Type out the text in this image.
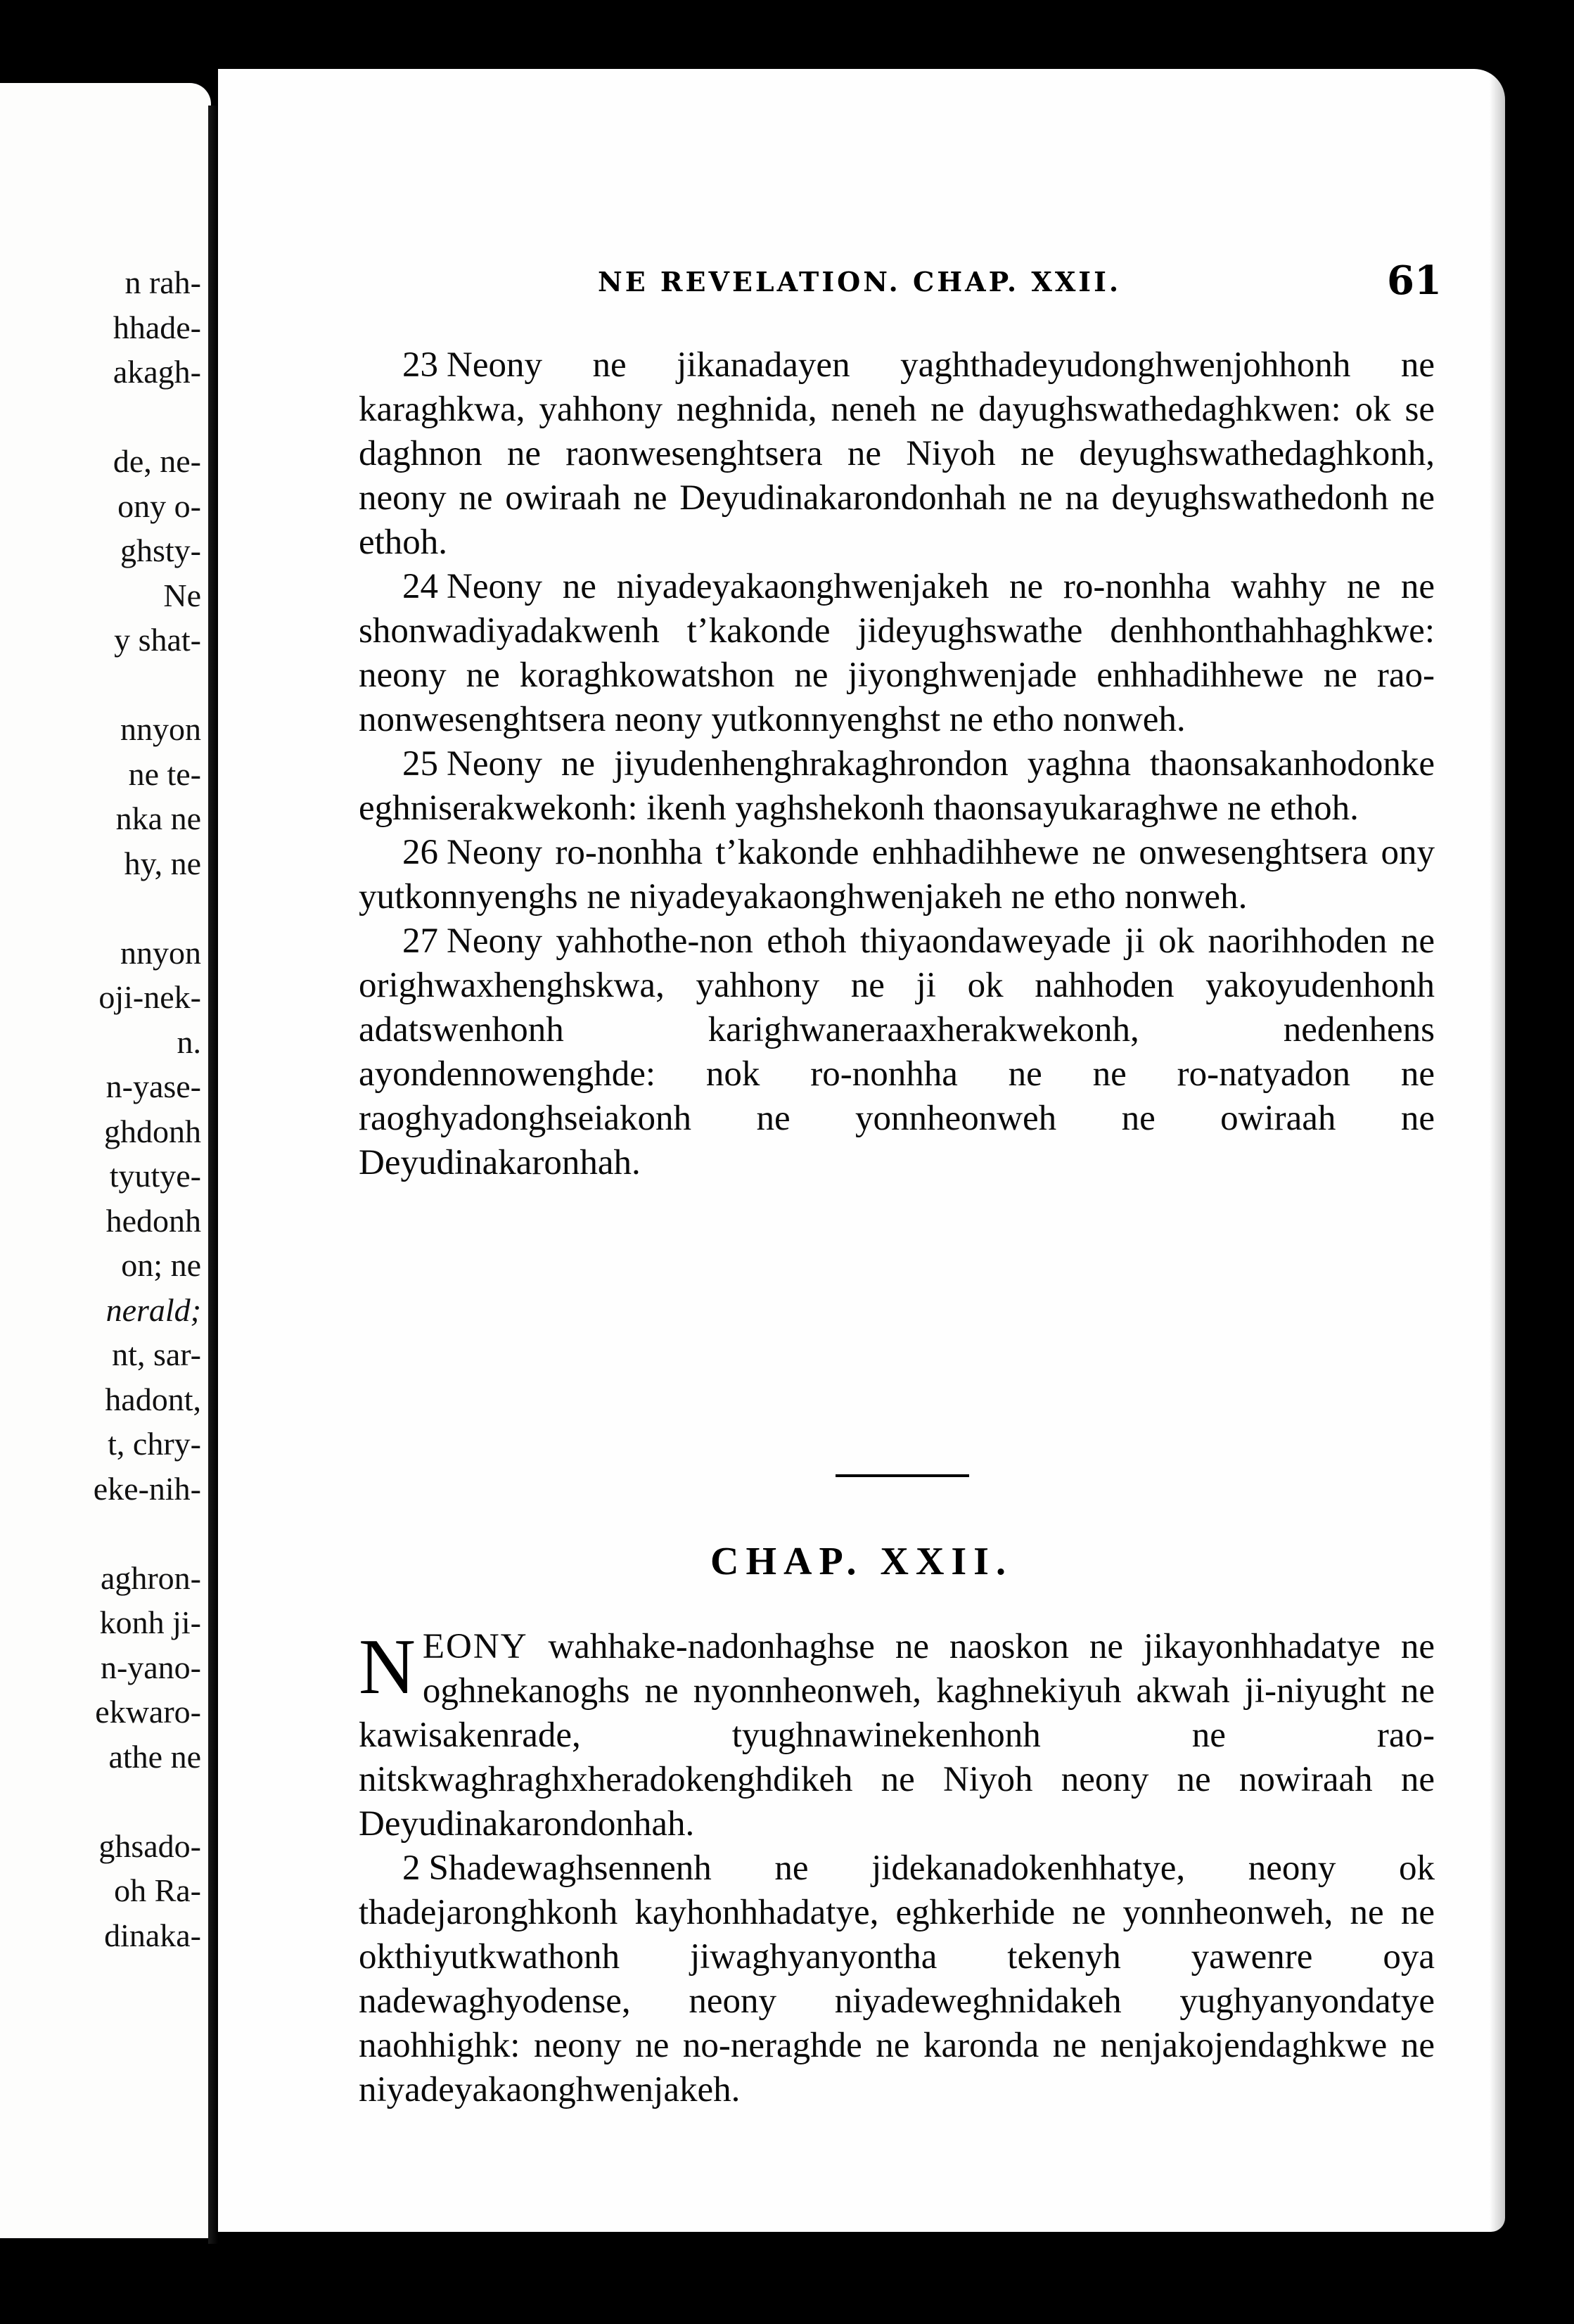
n rah-

hhade-

akagh-

de, ne-

ony o-

ghsty-

Ne

y shat-

nnyon

ne te-

nka ne

hy, ne

nnyon

oji-nek-

n.

n-yase-

ghdonh

tyutye-

hedonh

on; ne

nerald;

nt, sar-

hadont,

t, chry-

eke-nih-

aghron-

konh ji-

n-yano-

ekwaro-

athe ne

ghsado-

oh Ra-

dinaka-

NE REVELATION. CHAP. XXII.	61

23 Neony ne jikanadayen yaghthadeyudonghwenjohhonh ne karaghkwa, yahhony neghnida, neneh ne dayughswathedaghkwen: ok se daghnon ne raonwesenghtsera ne Niyoh ne deyughswathedaghkonh, neony ne owiraah ne Deyudinakarondonhah ne na deyughswathedonh ne ethoh.

24 Neony ne niyadeyakaonghwenjakeh ne ro-nonhha wahhy ne ne shonwadiyadakwenh t’kakonde jideyughswathe denhhonthahhaghkwe: neony ne koraghkowatshon ne jiyonghwenjade enhhadihhewe ne rao-nonwesenghtsera neony yutkonnyenghst ne etho nonweh.

25 Neony ne jiyudenhenghrakaghrondon yaghna thaonsakanhodonke eghniserakwekonh: ikenh yaghshekonh thaonsayukaraghwe ne ethoh.

26 Neony ro-nonhha t’kakonde enhhadihhewe ne onwesenghtsera ony yutkonnyenghs ne niyadeyakaonghwenjakeh ne etho nonweh.

27 Neony yahhothe-non ethoh thiyaondaweyade ji ok naorihhoden ne orighwaxhenghskwa, yahhony ne ji ok nahhoden yakoyudenhonh adatswenhonh karighwaneraaxherakwekonh, nedenhens ayondennowenghde: nok ro-nonhha ne ne ro-natyadon ne raoghyadonghseiakonh ne yonnheonweh ne owiraah ne Deyudinakaronhah.

CHAP. XXII.

NEONY wahhake-nadonhaghse ne naoskon ne jikayonhhadatye ne oghnekanoghs ne nyonnheonweh, kaghnekiyuh akwah ji-niyught ne kawisakenrade, tyughnawinekenhonh ne rao-nitskwaghraghxheradokenghdikeh ne Niyoh neony ne nowiraah ne Deyudinakarondonhah.

2 Shadewaghsennenh ne jidekanadokenhhatye, neony ok thadejaronghkonh kayhonhhadatye, eghkerhide ne yonnheonweh, ne ne okthiyutkwathonh jiwaghyanyontha tekenyh yawenre oya nadewaghyodense, neony niyadeweghnidakeh yughyanyondatye naohhighk: neony ne no-neraghde ne karonda ne nenjakojendaghkwe ne niyadeyakaonghwenjakeh.
